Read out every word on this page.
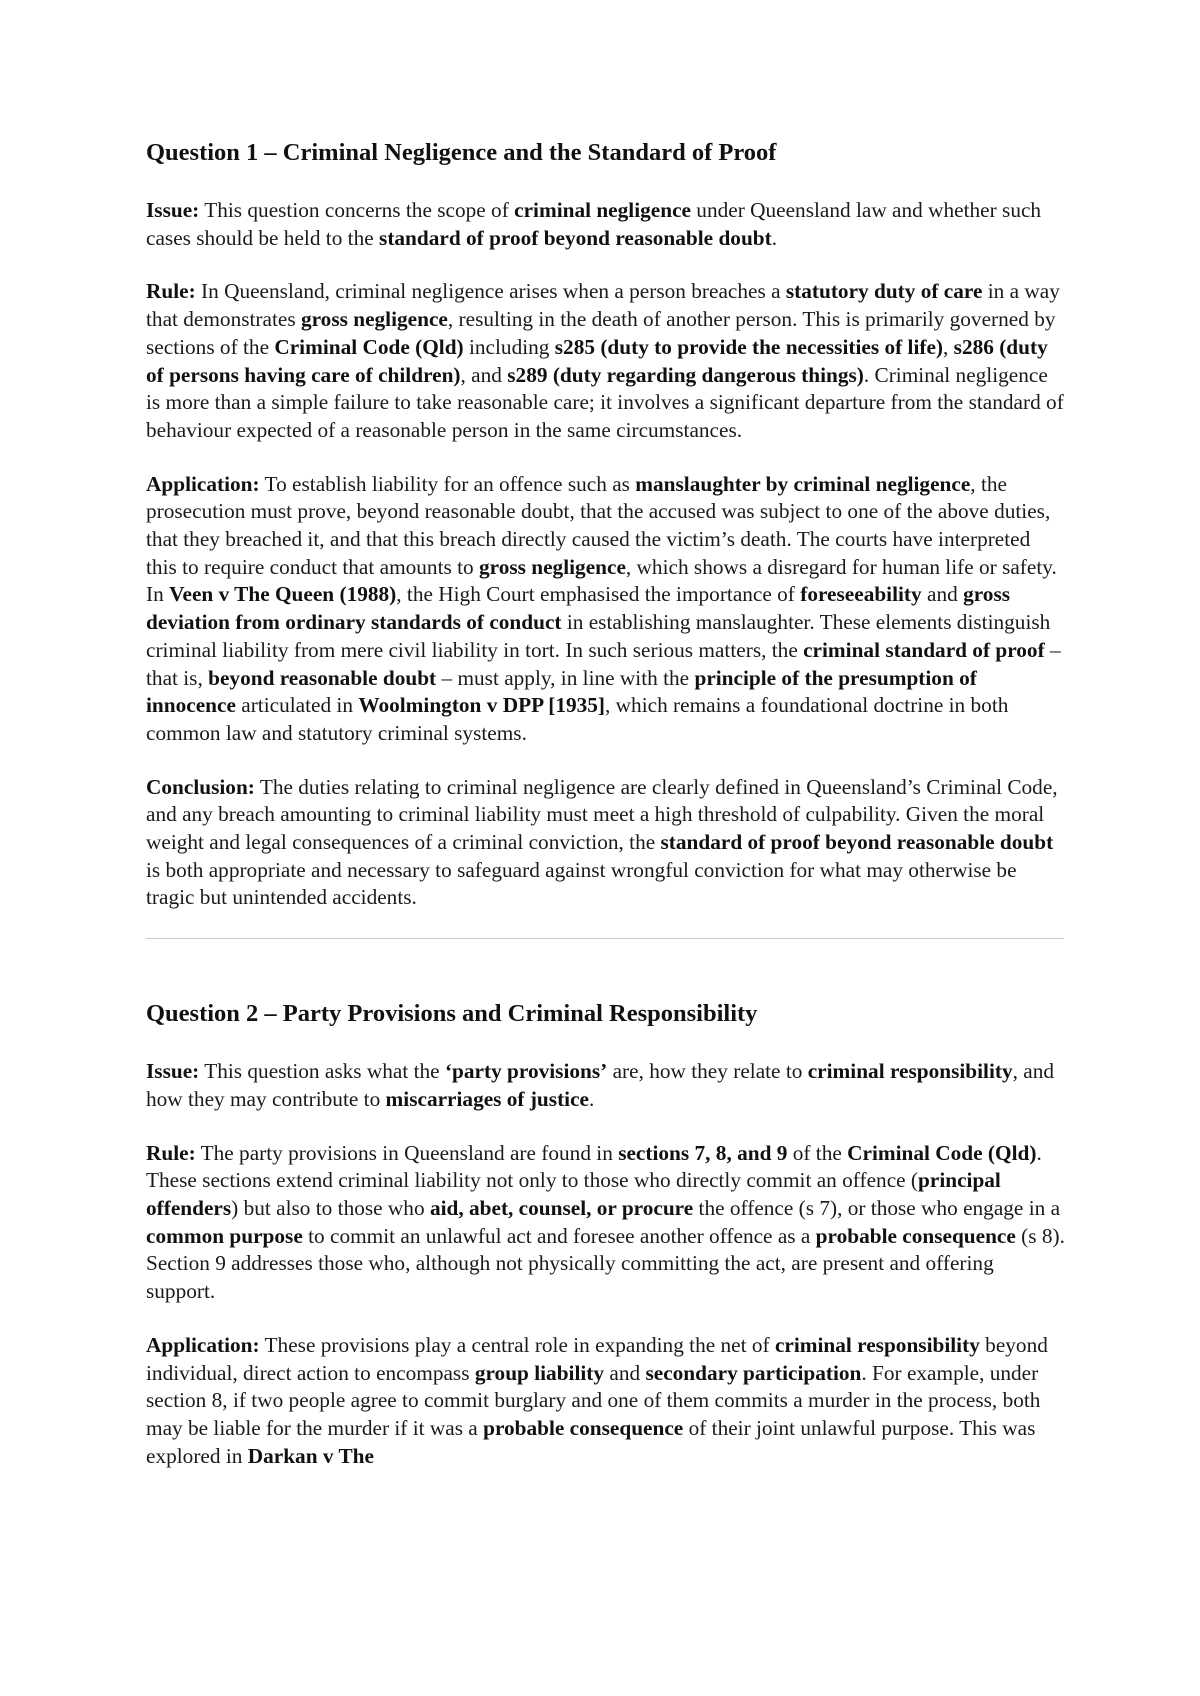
Question 1 – Criminal Negligence and the Standard of Proof

Issue: This question concerns the scope of criminal negligence under Queensland law and whether such cases should be held to the standard of proof beyond reasonable doubt.

Rule: In Queensland, criminal negligence arises when a person breaches a statutory duty of care in a way that demonstrates gross negligence, resulting in the death of another person. This is primarily governed by sections of the Criminal Code (Qld) including s285 (duty to provide the necessities of life), s286 (duty of persons having care of children), and s289 (duty regarding dangerous things). Criminal negligence is more than a simple failure to take reasonable care; it involves a significant departure from the standard of behaviour expected of a reasonable person in the same circumstances.

Application: To establish liability for an offence such as manslaughter by criminal negligence, the prosecution must prove, beyond reasonable doubt, that the accused was subject to one of the above duties, that they breached it, and that this breach directly caused the victim’s death. The courts have interpreted this to require conduct that amounts to gross negligence, which shows a disregard for human life or safety. In Veen v The Queen (1988), the High Court emphasised the importance of foreseeability and gross deviation from ordinary standards of conduct in establishing manslaughter. These elements distinguish criminal liability from mere civil liability in tort. In such serious matters, the criminal standard of proof – that is, beyond reasonable doubt – must apply, in line with the principle of the presumption of innocence articulated in Woolmington v DPP [1935], which remains a foundational doctrine in both common law and statutory criminal systems.

Conclusion: The duties relating to criminal negligence are clearly defined in Queensland’s Criminal Code, and any breach amounting to criminal liability must meet a high threshold of culpability. Given the moral weight and legal consequences of a criminal conviction, the standard of proof beyond reasonable doubt is both appropriate and necessary to safeguard against wrongful conviction for what may otherwise be tragic but unintended accidents.

Question 2 – Party Provisions and Criminal Responsibility

Issue: This question asks what the ‘party provisions’ are, how they relate to criminal responsibility, and how they may contribute to miscarriages of justice.

Rule: The party provisions in Queensland are found in sections 7, 8, and 9 of the Criminal Code (Qld). These sections extend criminal liability not only to those who directly commit an offence (principal offenders) but also to those who aid, abet, counsel, or procure the offence (s 7), or those who engage in a common purpose to commit an unlawful act and foresee another offence as a probable consequence (s 8). Section 9 addresses those who, although not physically committing the act, are present and offering support.

Application: These provisions play a central role in expanding the net of criminal responsibility beyond individual, direct action to encompass group liability and secondary participation. For example, under section 8, if two people agree to commit burglary and one of them commits a murder in the process, both may be liable for the murder if it was a probable consequence of their joint unlawful purpose. This was explored in Darkan v The
